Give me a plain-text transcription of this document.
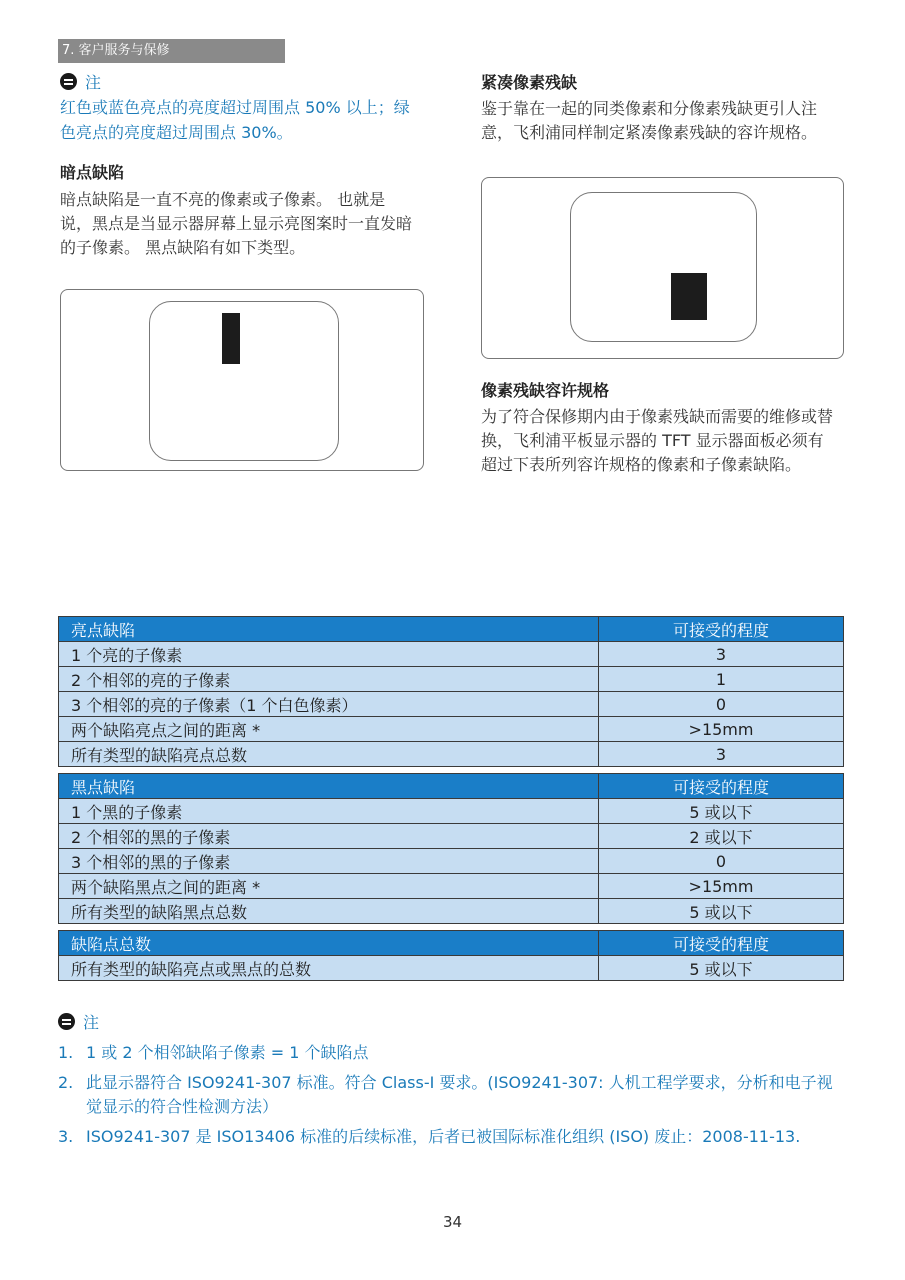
7. 客户服务与保修
注
红色或蓝色亮点的亮度超过周围点 50% 以上；绿色亮点的亮度超过周围点 30%。
暗点缺陷
暗点缺陷是一直不亮的像素或子像素。 也就是说，黑点是当显示器屏幕上显示亮图案时一直发暗的子像素。 黑点缺陷有如下类型。
紧凑像素残缺
鉴于靠在一起的同类像素和分像素残缺更引人注意，飞利浦同样制定紧凑像素残缺的容许规格。
像素残缺容许规格
为了符合保修期内由于像素残缺而需要的维修或替换，飞利浦平板显示器的 TFT 显示器面板必须有超过下表所列容许规格的像素和子像素缺陷。
亮点缺陷	可接受的程度
1 个亮的子像素	3
2 个相邻的亮的子像素	1
3 个相邻的亮的子像素（1 个白色像素）	0
两个缺陷亮点之间的距离 *	>15mm
所有类型的缺陷亮点总数	3
黑点缺陷	可接受的程度
1 个黑的子像素	5 或以下
2 个相邻的黑的子像素	2 或以下
3 个相邻的黑的子像素	0
两个缺陷黑点之间的距离 *	>15mm
所有类型的缺陷黑点总数	5 或以下
缺陷点总数	可接受的程度
所有类型的缺陷亮点或黑点的总数	5 或以下
注
1. 1 或 2 个相邻缺陷子像素 = 1 个缺陷点
2. 此显示器符合 ISO9241-307 标准。符合 Class-I 要求。(ISO9241-307: 人机工程学要求，分析和电子视觉显示的符合性检测方法）
3. ISO9241-307 是 ISO13406 标准的后续标准，后者已被国际标准化组织 (ISO) 废止：2008-11-13.
34
